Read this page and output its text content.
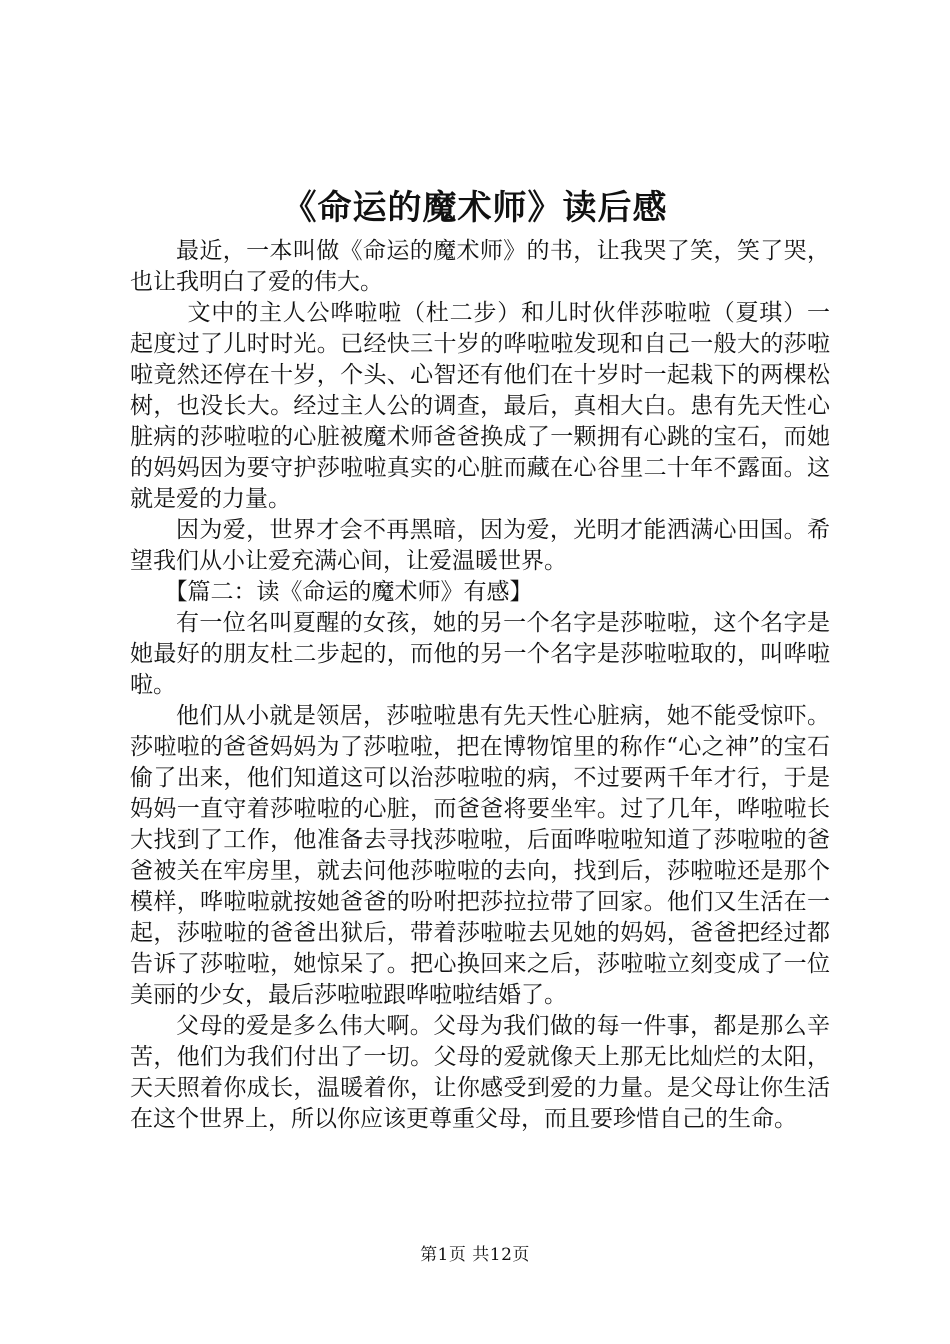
《命运的魔术师》读后感

最近，一本叫做《命运的魔术师》的书，让我哭了笑，笑了哭，也让我明白了爱的伟大。

文中的主人公哗啦啦（杜二步）和儿时伙伴莎啦啦（夏琪）一起度过了儿时时光。已经快三十岁的哗啦啦发现和自己一般大的莎啦啦竟然还停在十岁，个头、心智还有他们在十岁时一起栽下的两棵松树，也没长大。经过主人公的调查，最后，真相大白。患有先天性心脏病的莎啦啦的心脏被魔术师爸爸换成了一颗拥有心跳的宝石，而她的妈妈因为要守护莎啦啦真实的心脏而藏在心谷里二十年不露面。这就是爱的力量。

因为爱，世界才会不再黑暗，因为爱，光明才能洒满心田国。希望我们从小让爱充满心间，让爱温暖世界。

【篇二：读《命运的魔术师》有感】

有一位名叫夏醒的女孩，她的另一个名字是莎啦啦，这个名字是她最好的朋友杜二步起的，而他的另一个名字是莎啦啦取的，叫哗啦啦。

他们从小就是领居，莎啦啦患有先天性心脏病，她不能受惊吓。莎啦啦的爸爸妈妈为了莎啦啦，把在博物馆里的称作“心之神”的宝石偷了出来，他们知道这可以治莎啦啦的病，不过要两千年才行，于是妈妈一直守着莎啦啦的心脏，而爸爸将要坐牢。过了几年，哗啦啦长大找到了工作，他准备去寻找莎啦啦，后面哗啦啦知道了莎啦啦的爸爸被关在牢房里，就去问他莎啦啦的去向，找到后，莎啦啦还是那个模样，哗啦啦就按她爸爸的吩咐把莎拉拉带了回家。他们又生活在一起，莎啦啦的爸爸出狱后，带着莎啦啦去见她的妈妈，爸爸把经过都告诉了莎啦啦，她惊呆了。把心换回来之后，莎啦啦立刻变成了一位美丽的少女，最后莎啦啦跟哗啦啦结婚了。

父母的爱是多么伟大啊。父母为我们做的每一件事，都是那么辛苦，他们为我们付出了一切。父母的爱就像天上那无比灿烂的太阳，天天照着你成长，温暖着你，让你感受到爱的力量。是父母让你生活在这个世界上，所以你应该更尊重父母，而且要珍惜自己的生命。

第1页 共12页
